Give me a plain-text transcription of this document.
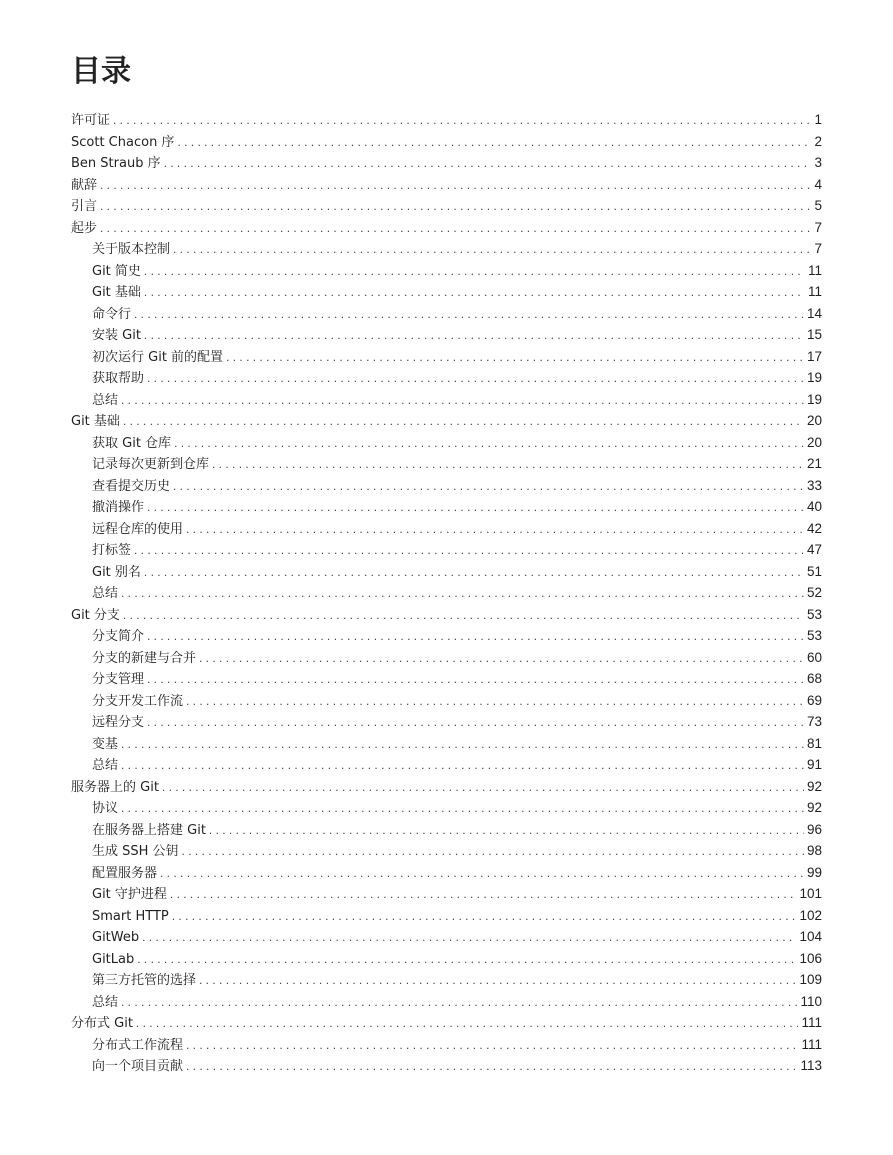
目录
许可证 . . .	1
Scott Chacon 序 . . .	2
Ben Straub 序 . . .	3
献辞 . . .	4
引言 . . .	5
起步 . . .	7
关于版本控制 . . .	7
Git 简史 . . .	11
Git 基础 . . .	11
命令行 . . .	14
安装 Git . . .	15
初次运行 Git 前的配置 . . .	17
获取帮助 . . .	19
总结 . . .	19
Git 基础 . . .	20
获取 Git 仓库 . . .	20
记录每次更新到仓库 . . .	21
查看提交历史 . . .	33
撤消操作 . . .	40
远程仓库的使用 . . .	42
打标签 . . .	47
Git 别名 . . .	51
总结 . . .	52
Git 分支 . . .	53
分支简介 . . .	53
分支的新建与合并 . . .	60
分支管理 . . .	68
分支开发工作流 . . .	69
远程分支 . . .	73
变基 . . .	81
总结 . . .	91
服务器上的 Git . . .	92
协议 . . .	92
在服务器上搭建 Git . . .	96
生成 SSH 公钥 . . .	98
配置服务器 . . .	99
Git 守护进程 . . .	101
Smart HTTP . . .	102
GitWeb . . .	104
GitLab . . .	106
第三方托管的选择 . . .	109
总结 . . .	110
分布式 Git . . .	111
分布式工作流程 . . .	111
向一个项目贡献 . . .	113
